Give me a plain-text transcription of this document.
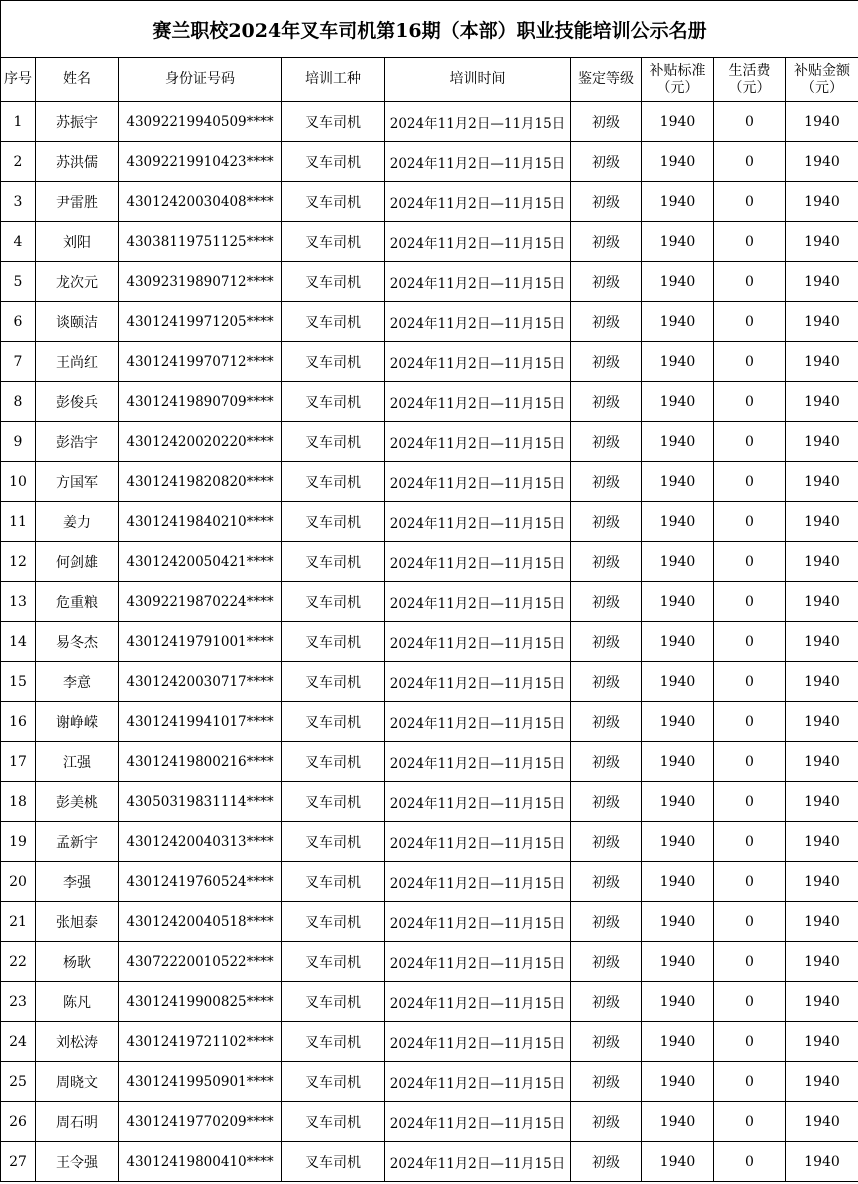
赛兰职校2024年叉车司机第16期（本部）职业技能培训公示名册								
序号	姓名	身份证号码	培训工种	培训时间	鉴定等级	补贴标准（元）	生活费（元）	补贴金额（元）
1	苏振宇	43092219940509****	叉车司机	2024年11月2日—11月15日	初级	1940	0	1940
2	苏洪儒	43092219910423****	叉车司机	2024年11月2日—11月15日	初级	1940	0	1940
3	尹雷胜	43012420030408****	叉车司机	2024年11月2日—11月15日	初级	1940	0	1940
4	刘阳	43038119751125****	叉车司机	2024年11月2日—11月15日	初级	1940	0	1940
5	龙次元	43092319890712****	叉车司机	2024年11月2日—11月15日	初级	1940	0	1940
6	谈颐洁	43012419971205****	叉车司机	2024年11月2日—11月15日	初级	1940	0	1940
7	王尚红	43012419970712****	叉车司机	2024年11月2日—11月15日	初级	1940	0	1940
8	彭俊兵	43012419890709****	叉车司机	2024年11月2日—11月15日	初级	1940	0	1940
9	彭浩宇	43012420020220****	叉车司机	2024年11月2日—11月15日	初级	1940	0	1940
10	方国军	43012419820820****	叉车司机	2024年11月2日—11月15日	初级	1940	0	1940
11	姜力	43012419840210****	叉车司机	2024年11月2日—11月15日	初级	1940	0	1940
12	何剑雄	43012420050421****	叉车司机	2024年11月2日—11月15日	初级	1940	0	1940
13	危重粮	43092219870224****	叉车司机	2024年11月2日—11月15日	初级	1940	0	1940
14	易冬杰	43012419791001****	叉车司机	2024年11月2日—11月15日	初级	1940	0	1940
15	李意	43012420030717****	叉车司机	2024年11月2日—11月15日	初级	1940	0	1940
16	谢峥嵘	43012419941017****	叉车司机	2024年11月2日—11月15日	初级	1940	0	1940
17	江强	43012419800216****	叉车司机	2024年11月2日—11月15日	初级	1940	0	1940
18	彭美桃	43050319831114****	叉车司机	2024年11月2日—11月15日	初级	1940	0	1940
19	孟新宇	43012420040313****	叉车司机	2024年11月2日—11月15日	初级	1940	0	1940
20	李强	43012419760524****	叉车司机	2024年11月2日—11月15日	初级	1940	0	1940
21	张旭泰	43012420040518****	叉车司机	2024年11月2日—11月15日	初级	1940	0	1940
22	杨耿	43072220010522****	叉车司机	2024年11月2日—11月15日	初级	1940	0	1940
23	陈凡	43012419900825****	叉车司机	2024年11月2日—11月15日	初级	1940	0	1940
24	刘松涛	43012419721102****	叉车司机	2024年11月2日—11月15日	初级	1940	0	1940
25	周晓文	43012419950901****	叉车司机	2024年11月2日—11月15日	初级	1940	0	1940
26	周石明	43012419770209****	叉车司机	2024年11月2日—11月15日	初级	1940	0	1940
27	王令强	43012419800410****	叉车司机	2024年11月2日—11月15日	初级	1940	0	1940
